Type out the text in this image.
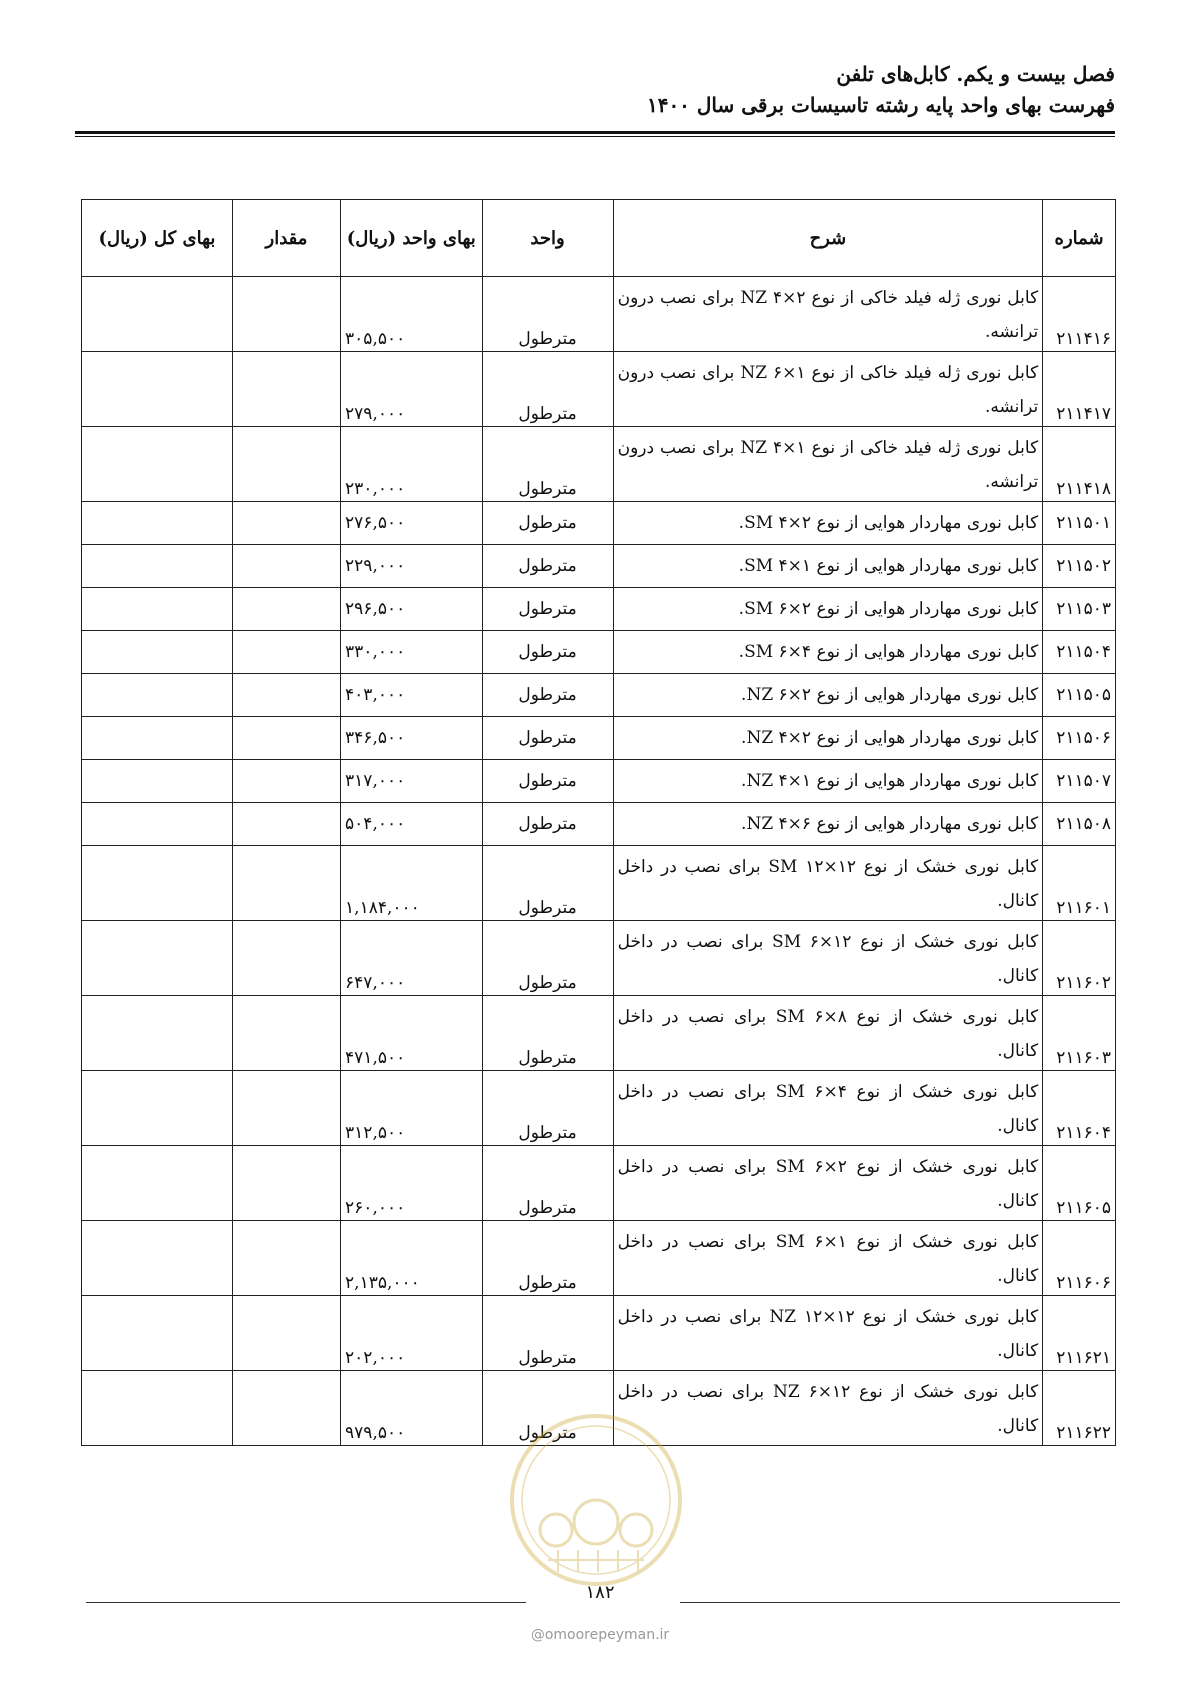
فصل بیست و یکم. کابل‌های تلفن
فهرست بهای واحد پایه رشته تاسیسات برقی سال ۱۴۰۰
شماره	شرح	واحد	بهای واحد (ریال)	مقدار	بهای کل (ریال)
۲۱۱۴۱۶	کابل نوری ژله فیلد خاکی از نوع NZ ۴×۲ برای نصب درون ترانشه.	مترطول	۳۰۵,۵۰۰		
۲۱۱۴۱۷	کابل نوری ژله فیلد خاکی از نوع NZ ۶×۱ برای نصب درون ترانشه.	مترطول	۲۷۹,۰۰۰		
۲۱۱۴۱۸	کابل نوری ژله فیلد خاکی از نوع NZ ۴×۱ برای نصب درون ترانشه.	مترطول	۲۳۰,۰۰۰		
۲۱۱۵۰۱	کابل نوری مهاردار هوایی از نوع SM ۴×۲.	مترطول	۲۷۶,۵۰۰		
۲۱۱۵۰۲	کابل نوری مهاردار هوایی از نوع SM ۴×۱.	مترطول	۲۲۹,۰۰۰		
۲۱۱۵۰۳	کابل نوری مهاردار هوایی از نوع SM ۶×۲.	مترطول	۲۹۶,۵۰۰		
۲۱۱۵۰۴	کابل نوری مهاردار هوایی از نوع SM ۶×۴.	مترطول	۳۳۰,۰۰۰		
۲۱۱۵۰۵	کابل نوری مهاردار هوایی از نوع NZ ۶×۲.	مترطول	۴۰۳,۰۰۰		
۲۱۱۵۰۶	کابل نوری مهاردار هوایی از نوع NZ ۴×۲.	مترطول	۳۴۶,۵۰۰		
۲۱۱۵۰۷	کابل نوری مهاردار هوایی از نوع NZ ۴×۱.	مترطول	۳۱۷,۰۰۰		
۲۱۱۵۰۸	کابل نوری مهاردار هوایی از نوع NZ ۴×۶.	مترطول	۵۰۴,۰۰۰		
۲۱۱۶۰۱	کابل نوری خشک از نوع SM ۱۲×۱۲ برای نصب در داخل کانال.	مترطول	۱,۱۸۴,۰۰۰		
۲۱۱۶۰۲	کابل نوری خشک از نوع SM ۶×۱۲ برای نصب در داخل کانال.	مترطول	۶۴۷,۰۰۰		
۲۱۱۶۰۳	کابل نوری خشک از نوع SM ۶×۸ برای نصب در داخل کانال.	مترطول	۴۷۱,۵۰۰		
۲۱۱۶۰۴	کابل نوری خشک از نوع SM ۶×۴ برای نصب در داخل کانال.	مترطول	۳۱۲,۵۰۰		
۲۱۱۶۰۵	کابل نوری خشک از نوع SM ۶×۲ برای نصب در داخل کانال.	مترطول	۲۶۰,۰۰۰		
۲۱۱۶۰۶	کابل نوری خشک از نوع SM ۶×۱ برای نصب در داخل کانال.	مترطول	۲,۱۳۵,۰۰۰		
۲۱۱۶۲۱	کابل نوری خشک از نوع NZ ۱۲×۱۲ برای نصب در داخل کانال.	مترطول	۲۰۲,۰۰۰		
۲۱۱۶۲۲	کابل نوری خشک از نوع NZ ۶×۱۲ برای نصب در داخل کانال.	مترطول	۹۷۹,۵۰۰		
۱۸۲
@omoorepeyman.ir
